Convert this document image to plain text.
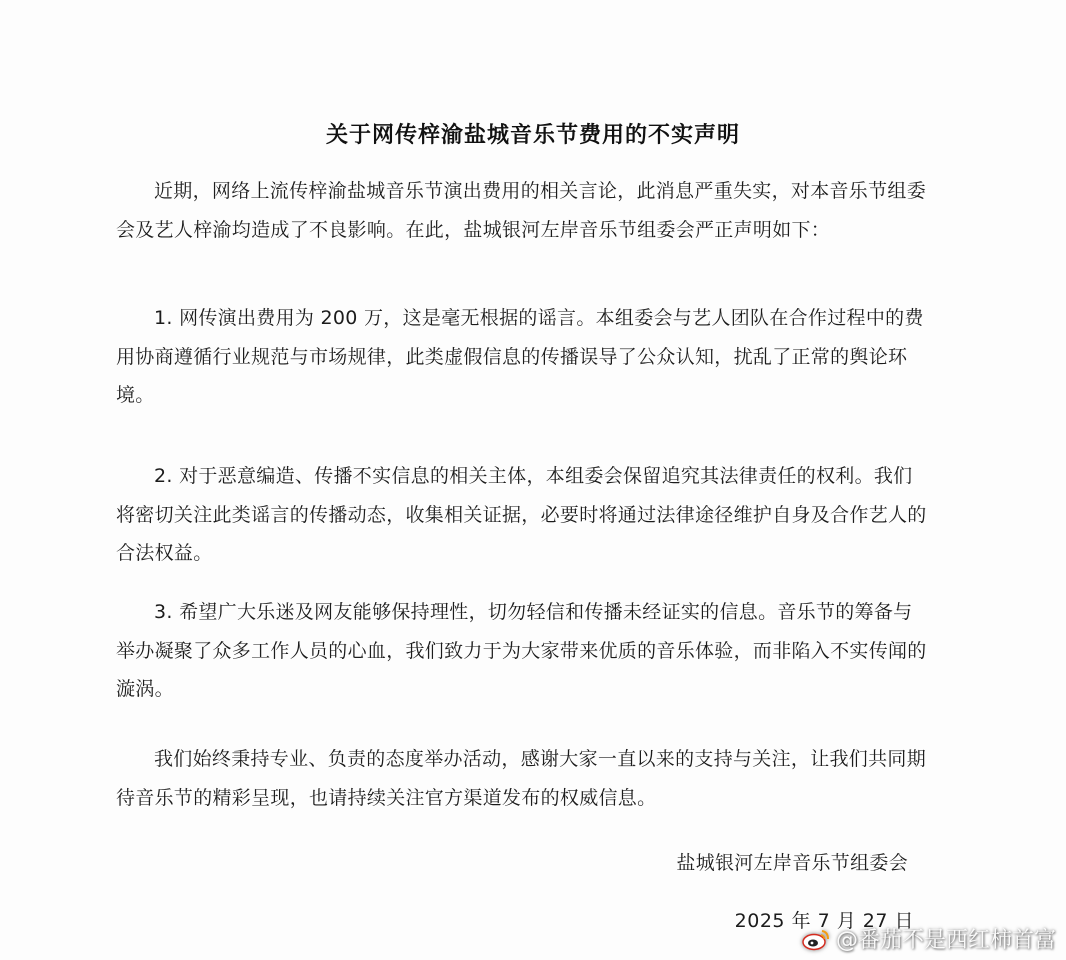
关于网传梓渝盐城音乐节费用的不实声明

近期，网络上流传梓渝盐城音乐节演出费用的相关言论，此消息严重失实，对本音乐节组委会及艺人梓渝均造成了不良影响。在此，盐城银河左岸音乐节组委会严正声明如下：

1. 网传演出费用为 200 万，这是毫无根据的谣言。本组委会与艺人团队在合作过程中的费用协商遵循行业规范与市场规律，此类虚假信息的传播误导了公众认知，扰乱了正常的舆论环境。

2. 对于恶意编造、传播不实信息的相关主体，本组委会保留追究其法律责任的权利。我们将密切关注此类谣言的传播动态，收集相关证据，必要时将通过法律途径维护自身及合作艺人的合法权益。

3. 希望广大乐迷及网友能够保持理性，切勿轻信和传播未经证实的信息。音乐节的筹备与举办凝聚了众多工作人员的心血，我们致力于为大家带来优质的音乐体验，而非陷入不实传闻的漩涡。

我们始终秉持专业、负责的态度举办活动，感谢大家一直以来的支持与关注，让我们共同期待音乐节的精彩呈现，也请持续关注官方渠道发布的权威信息。

盐城银河左岸音乐节组委会
2025 年 7 月 27 日
@番茄不是西红柿首富
